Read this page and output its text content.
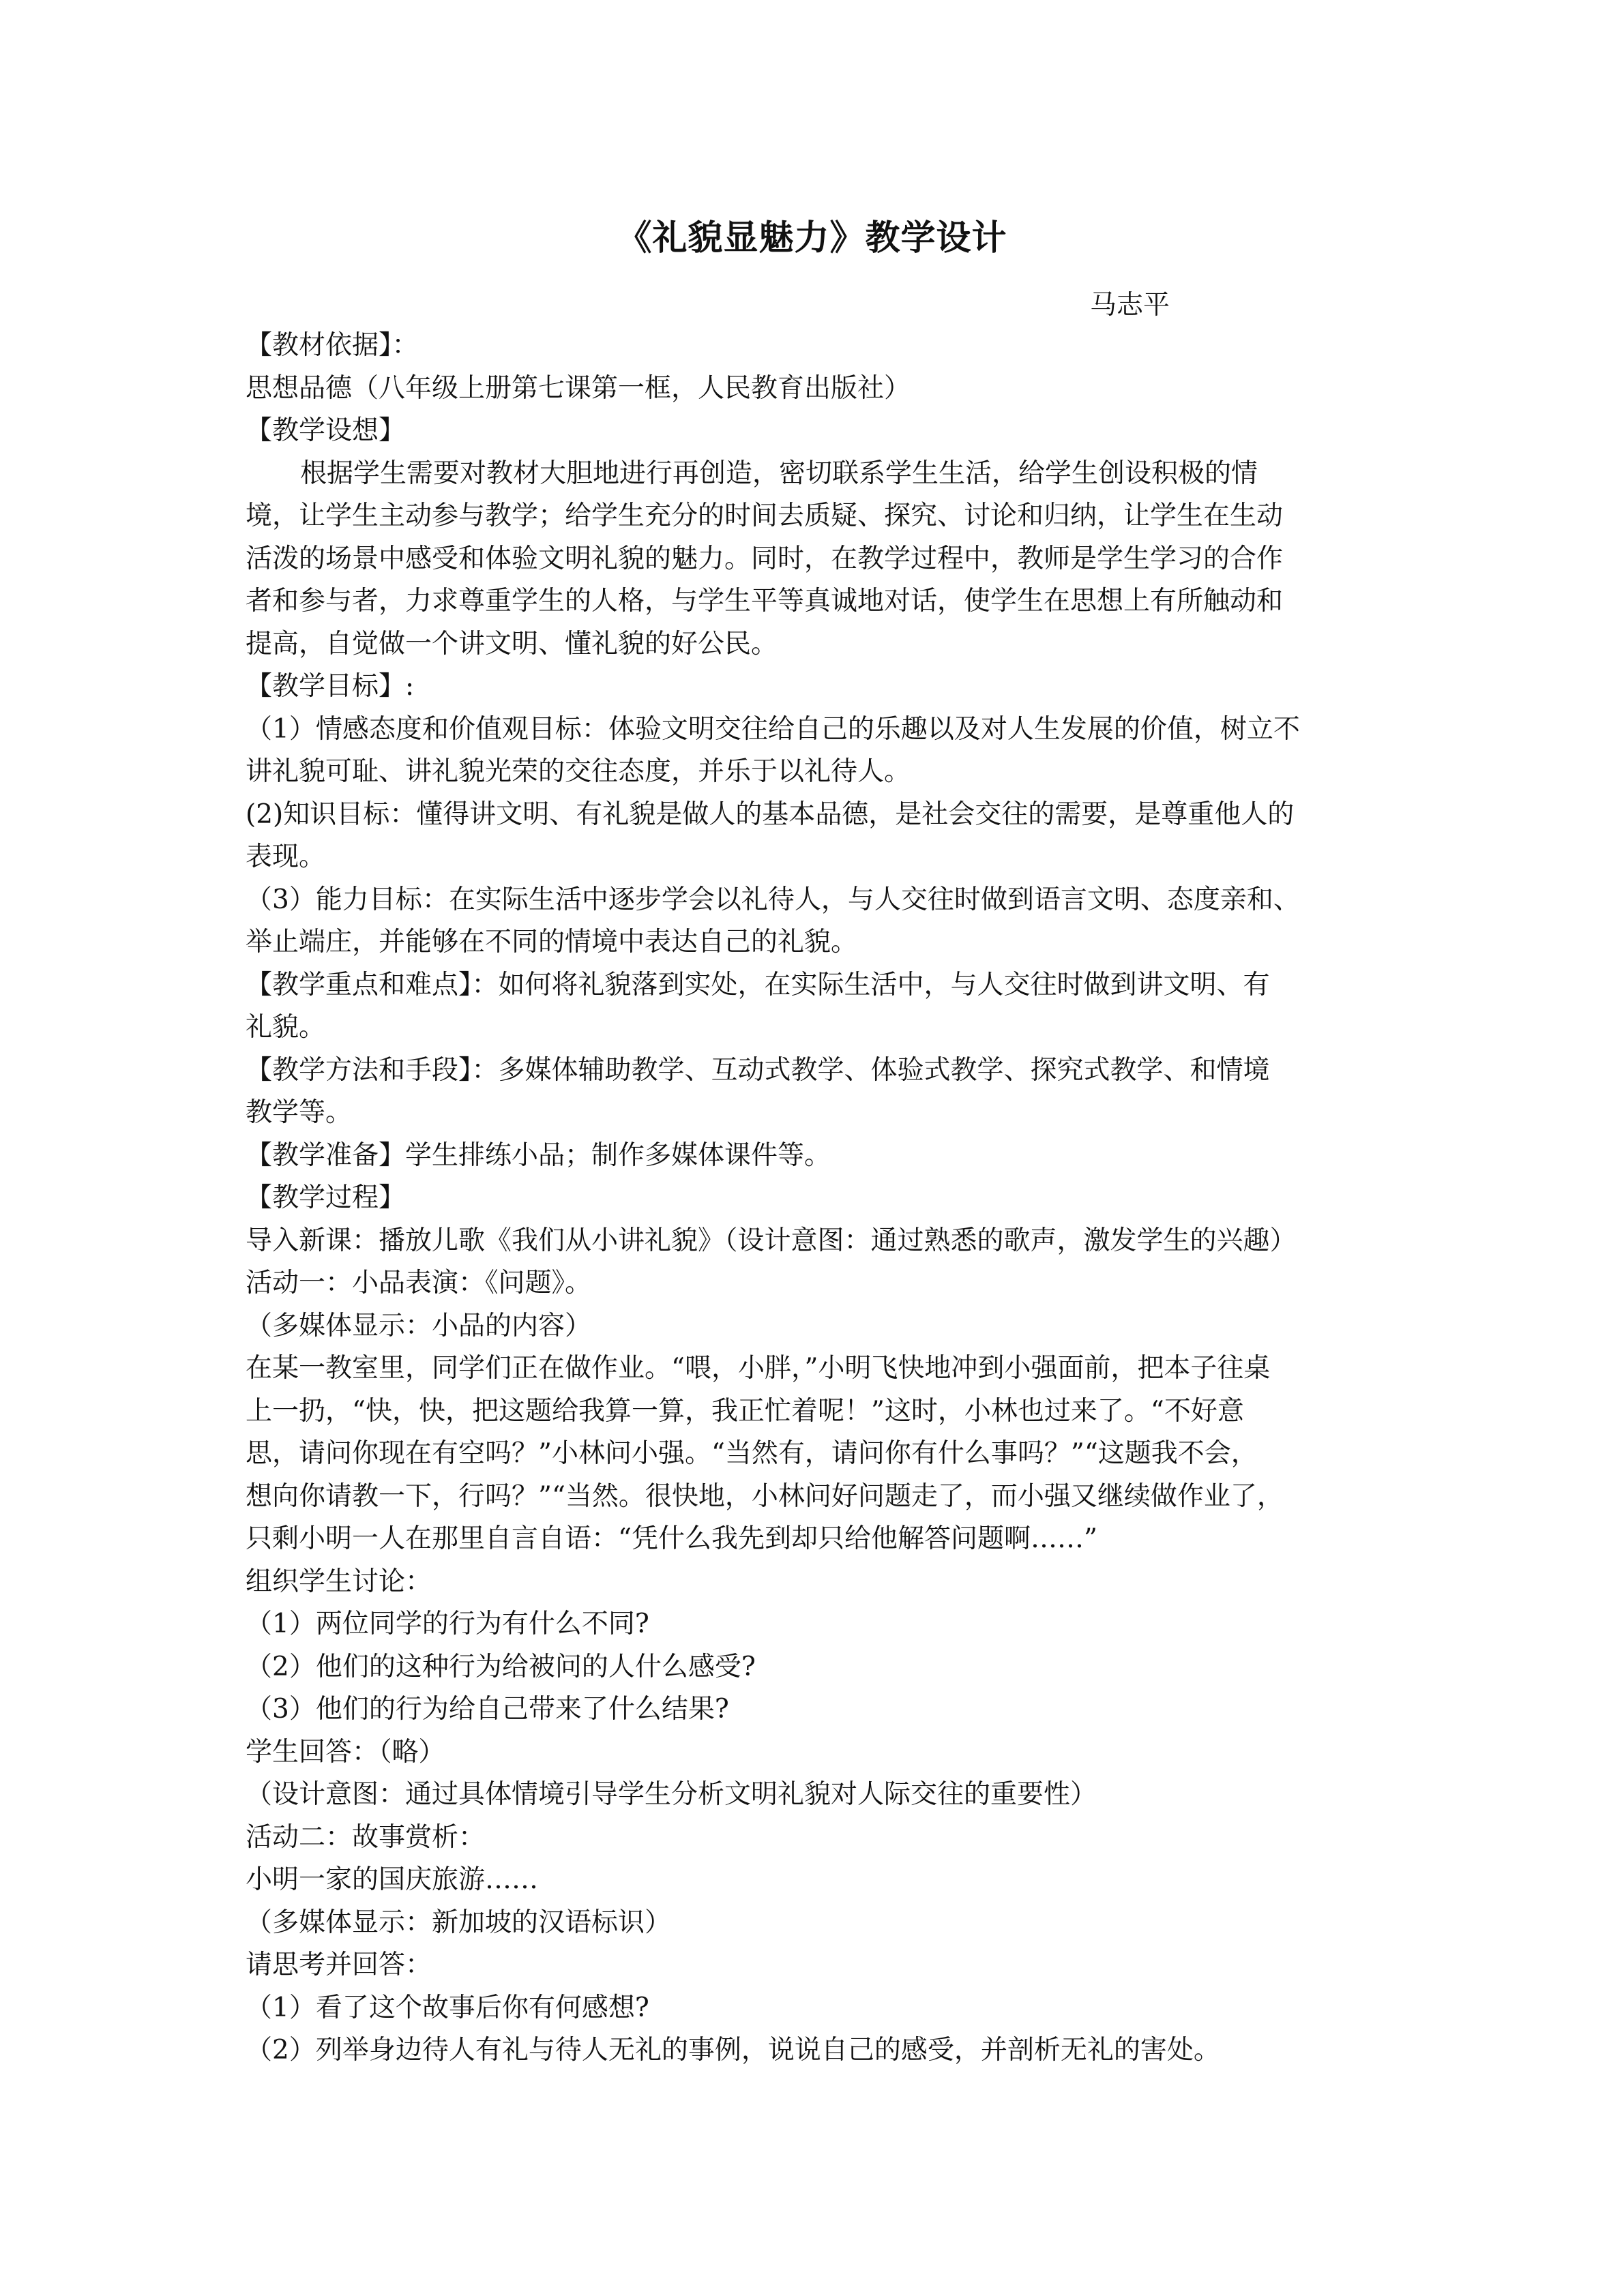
《礼貌显魅力》教学设计
马志平
【教材依据】：
思想品德（八年级上册第七课第一框，人民教育出版社）
【教学设想】
根据学生需要对教材大胆地进行再创造，密切联系学生生活，给学生创设积极的情
境，让学生主动参与教学；给学生充分的时间去质疑、探究、讨论和归纳，让学生在生动
活泼的场景中感受和体验文明礼貌的魅力。同时，在教学过程中，教师是学生学习的合作
者和参与者，力求尊重学生的人格，与学生平等真诚地对话，使学生在思想上有所触动和
提高，自觉做一个讲文明、懂礼貌的好公民。
【教学目标】:
（1）情感态度和价值观目标：体验文明交往给自己的乐趣以及对人生发展的价值，树立不
讲礼貌可耻、讲礼貌光荣的交往态度，并乐于以礼待人。
(2)知识目标：懂得讲文明、有礼貌是做人的基本品德，是社会交往的需要，是尊重他人的
表现。
（3）能力目标：在实际生活中逐步学会以礼待人，与人交往时做到语言文明、态度亲和、
举止端庄，并能够在不同的情境中表达自己的礼貌。
【教学重点和难点】：如何将礼貌落到实处，在实际生活中，与人交往时做到讲文明、有
礼貌。
【教学方法和手段】：多媒体辅助教学、互动式教学、体验式教学、探究式教学、和情境
教学等。
【教学准备】学生排练小品；制作多媒体课件等。
【教学过程】
导入新课：播放儿歌《我们从小讲礼貌》（设计意图：通过熟悉的歌声，激发学生的兴趣）
活动一：小品表演：《问题》。
（多媒体显示：小品的内容）
在某一教室里，同学们正在做作业。“喂，小胖，”小明飞快地冲到小强面前，把本子往桌
上一扔，“快，快，把这题给我算一算，我正忙着呢！”这时，小林也过来了。“不好意
思，请问你现在有空吗？”小林问小强。“当然有，请问你有什么事吗？”“这题我不会，
想向你请教一下，行吗？”“当然。很快地，小林问好问题走了，而小强又继续做作业了，
只剩小明一人在那里自言自语：“凭什么我先到却只给他解答问题啊……”
组织学生讨论：
（1）两位同学的行为有什么不同?
（2）他们的这种行为给被问的人什么感受?
（3）他们的行为给自己带来了什么结果?
学生回答：（略）
（设计意图：通过具体情境引导学生分析文明礼貌对人际交往的重要性）
活动二：故事赏析：
小明一家的国庆旅游……
（多媒体显示：新加坡的汉语标识）
请思考并回答：
（1）看了这个故事后你有何感想?
（2）列举身边待人有礼与待人无礼的事例，说说自己的感受，并剖析无礼的害处。
